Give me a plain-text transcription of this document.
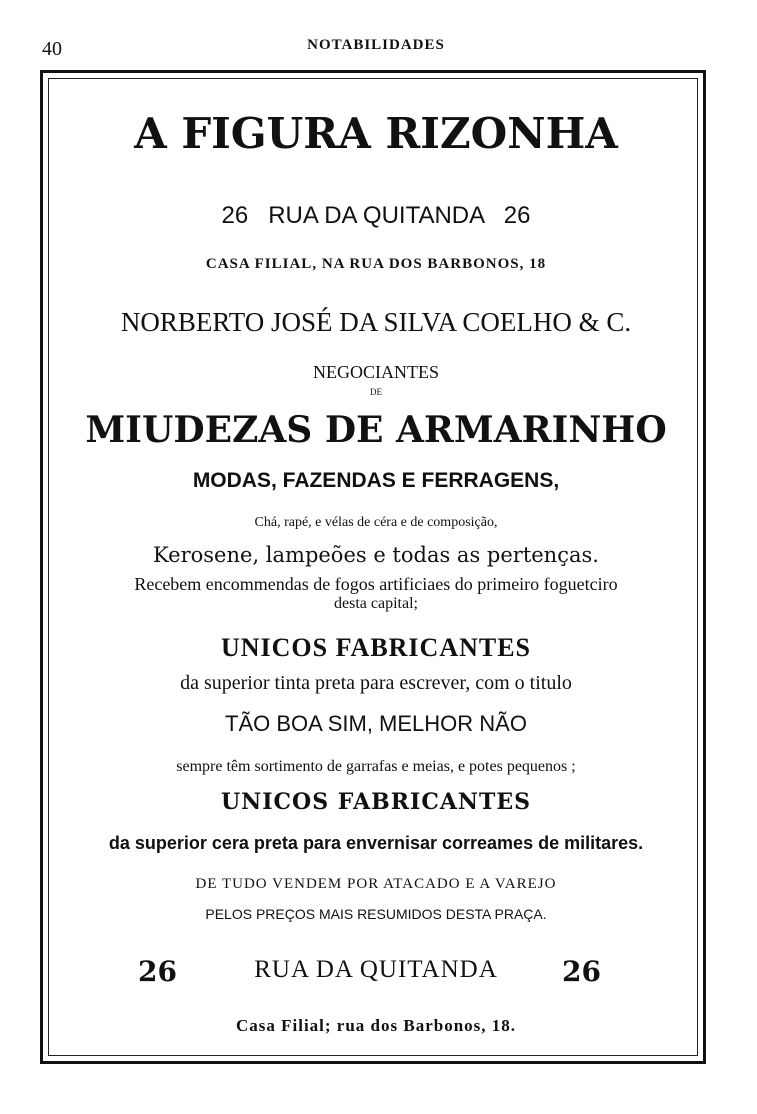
40	NOTABILIDADES
A FIGURA RIZONHA
26   RUA DA QUITANDA   26
CASA FILIAL, NA RUA DOS BARBONOS, 18
NORBERTO JOSÉ DA SILVA COELHO & C.
NEGOCIANTES
DE
MIUDEZAS DE ARMARINHO
MODAS, FAZENDAS E FERRAGENS,
Chá, rapé, e vélas de céra e de composição,
Kerosene, lampeões e todas as pertenças.
Recebem encommendas de fogos artificiaes do primeiro foguetciro
desta capital;
UNICOS FABRICANTES
da superior tinta preta para escrever, com o titulo
TÃO BOA SIM, MELHOR NÃO
sempre têm sortimento de garrafas e meias, e potes pequenos ;
UNICOS FABRICANTES
da superior cera preta para envernisar correames de militares.
DE TUDO VENDEM POR ATACADO E A VAREJO
PELOS PREÇOS MAIS RESUMIDOS DESTA PRAÇA.
26	RUA DA QUITANDA	26
Casa Filial; rua dos Barbonos, 18.
